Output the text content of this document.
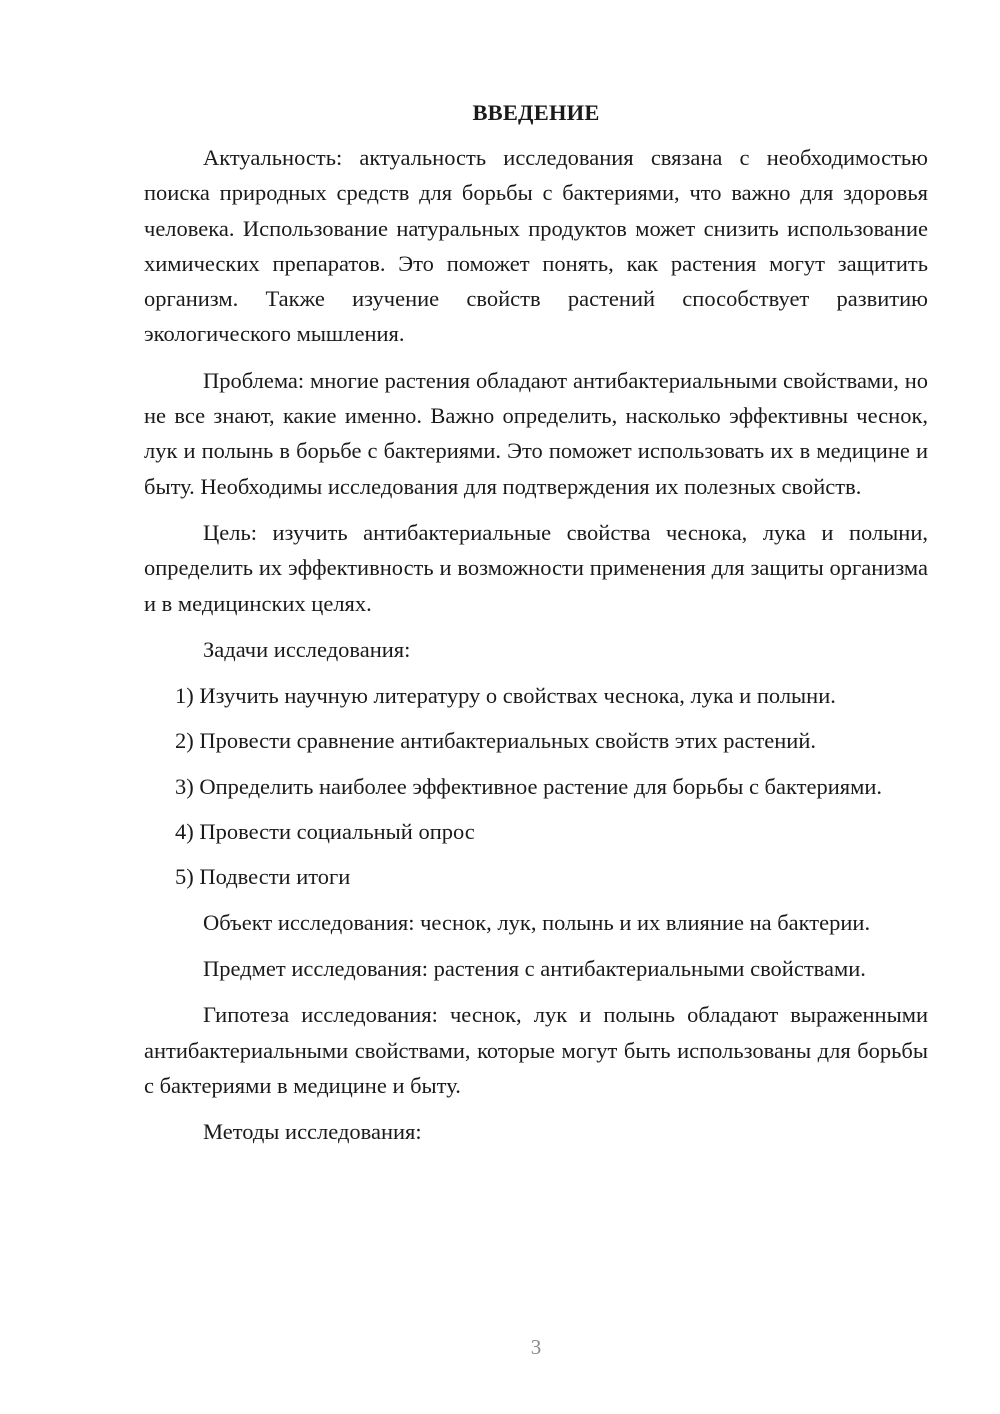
ВВЕДЕНИЕ

Актуальность: актуальность исследования связана с необходимостью поиска природных средств для борьбы с бактериями, что важно для здоровья человека. Использование натуральных продуктов может снизить использование химических препаратов. Это поможет понять, как растения могут защитить организм. Также изучение свойств растений способствует развитию экологического мышления.

Проблема: многие растения обладают антибактериальными свойствами, но не все знают, какие именно. Важно определить, насколько эффективны чеснок, лук и полынь в борьбе с бактериями. Это поможет использовать их в медицине и быту. Необходимы исследования для подтверждения их полезных свойств.

Цель: изучить антибактериальные свойства чеснока, лука и полыни, определить их эффективность и возможности применения для защиты организма и в медицинских целях.

Задачи исследования:

1) Изучить научную литературу о свойствах чеснока, лука и полыни.

2) Провести сравнение антибактериальных свойств этих растений.

3) Определить наиболее эффективное растение для борьбы с бактериями.

4) Провести социальный опрос

5) Подвести итоги

Объект исследования: чеснок, лук, полынь и их влияние на бактерии.

Предмет исследования: растения с антибактериальными свойствами.

Гипотеза исследования: чеснок, лук и полынь обладают выраженными антибактериальными свойствами, которые могут быть использованы для борьбы с бактериями в медицине и быту.

Методы исследования:

3
